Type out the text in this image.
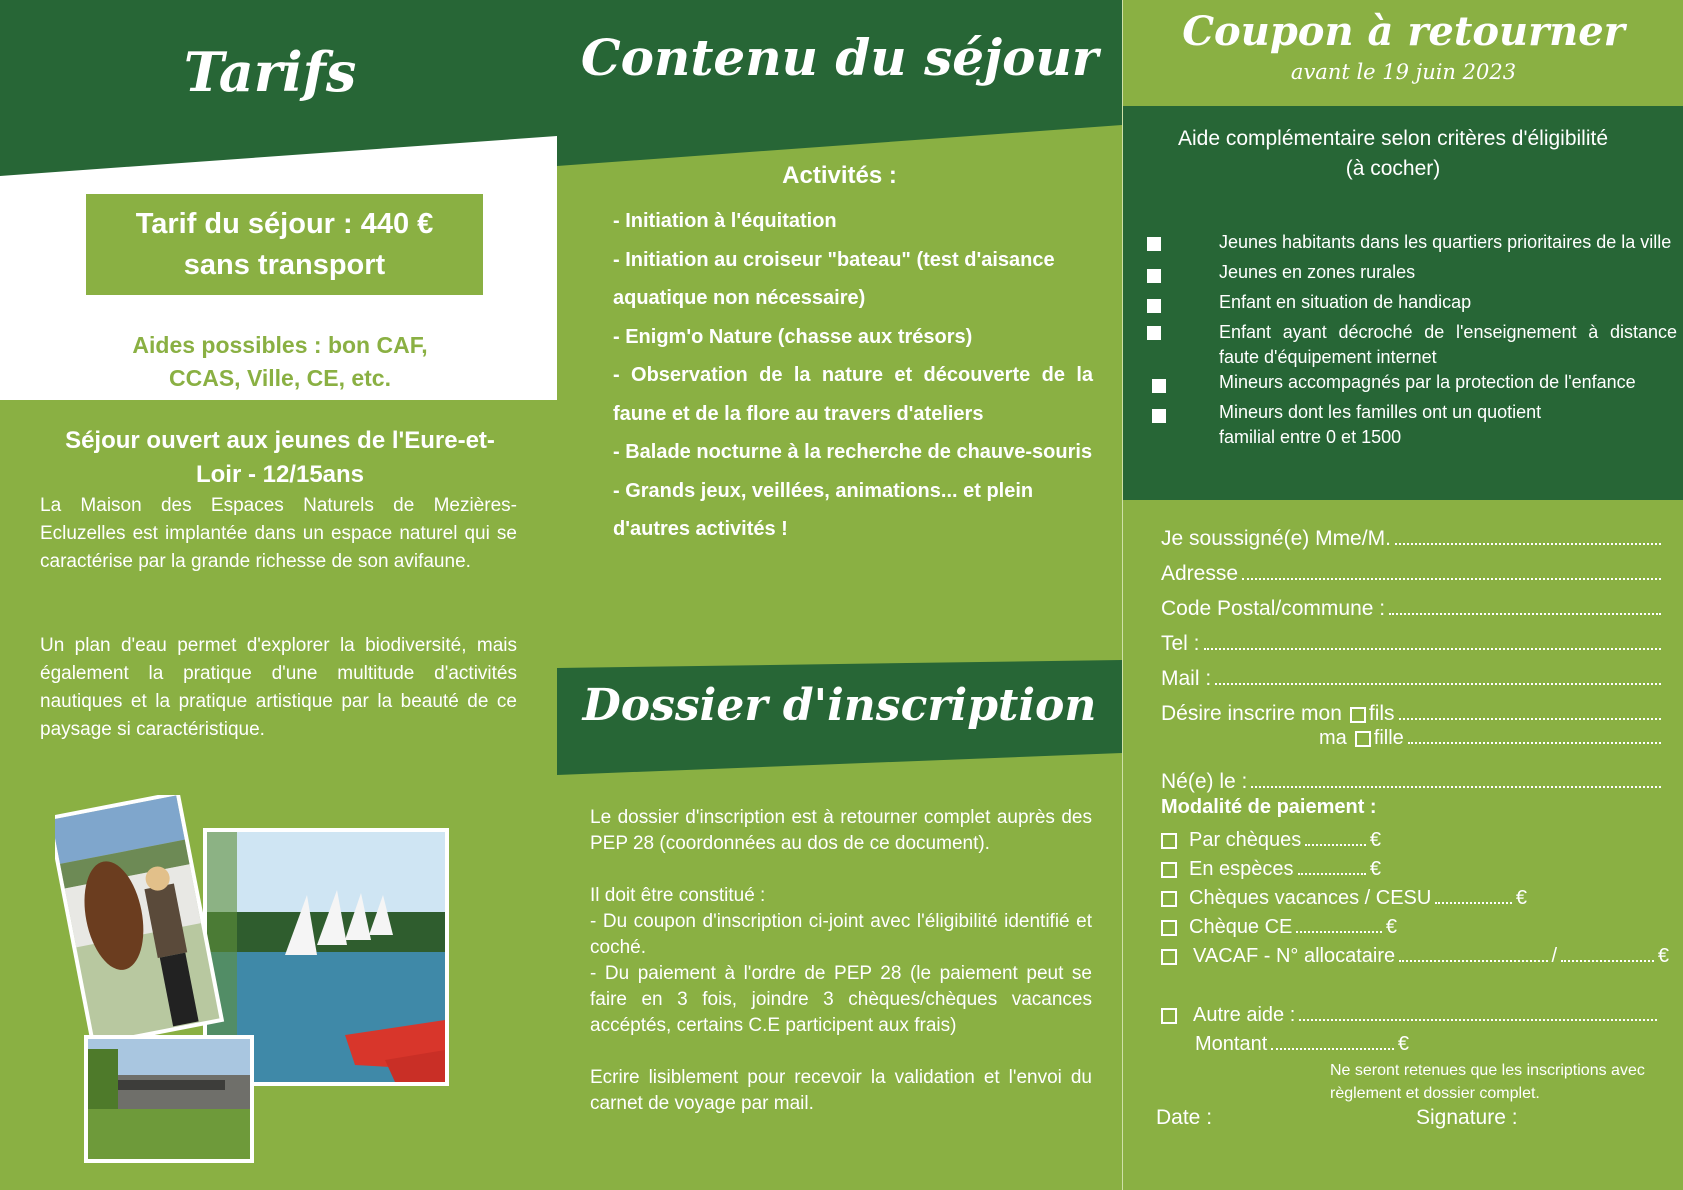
Tarifs
Tarif du séjour : 440 €
sans transport
Aides possibles : bon CAF,
CCAS, Ville, CE, etc.
Séjour ouvert aux jeunes de l'Eure-et-
Loir - 12/15ans
La Maison des Espaces Naturels de Mezières-Ecluzelles est implantée dans un espace naturel qui se caractérise par la grande richesse de son avifaune.
Un plan d'eau permet d'explorer la biodiversité, mais également la pratique d'une multitude d'activités nautiques et la pratique artistique par la beauté de ce paysage si caractéristique.
Contenu du séjour
Activités :
- Initiation à l'équitation
- Initiation au croiseur "bateau" (test d'aisance aquatique non nécessaire)
- Enigm'o Nature (chasse aux trésors)
- Observation de la nature et découverte de la faune et de la flore au travers d'ateliers
- Balade nocturne à la recherche de chauve-souris
- Grands jeux, veillées, animations... et plein d'autres activités !
Dossier d'inscription
Le dossier d'inscription est à retourner complet auprès des PEP 28 (coordonnées au dos de ce document).
Il doit être constitué :
- Du coupon d'inscription ci-joint avec l'éligibilité identifié et coché.
- Du paiement à l'ordre de PEP 28 (le paiement peut se faire en 3 fois, joindre 3 chèques/chèques vacances accéptés, certains C.E participent aux frais)
Ecrire lisiblement pour recevoir la validation et l'envoi du carnet de voyage par mail.
Coupon à retourner
avant le 19 juin 2023
Aide complémentaire selon critères d'éligibilité
(à cocher)
Jeunes habitants dans les quartiers prioritaires de la ville
Jeunes en zones rurales
Enfant en situation de handicap
Enfant ayant décroché de l'enseignement à distance faute d'équipement internet
Mineurs accompagnés par la protection de l'enfance
Mineurs dont les familles ont un quotient familial entre 0 et 1500
Je soussigné(e) Mme/M.
Adresse
Code Postal/commune :
Tel :
Mail :
Désire inscrire mon fils
ma fille
Né(e) le :
Modalité de paiement :
Par chèques	€
En espèces	€
Chèques vacances / CESU	€
Chèque CE	€
VACAF - N° allocataire	/	€
Autre aide :
Montant	€
Ne seront retenues que les inscriptions avec
règlement et dossier complet.
Date :	Signature :
